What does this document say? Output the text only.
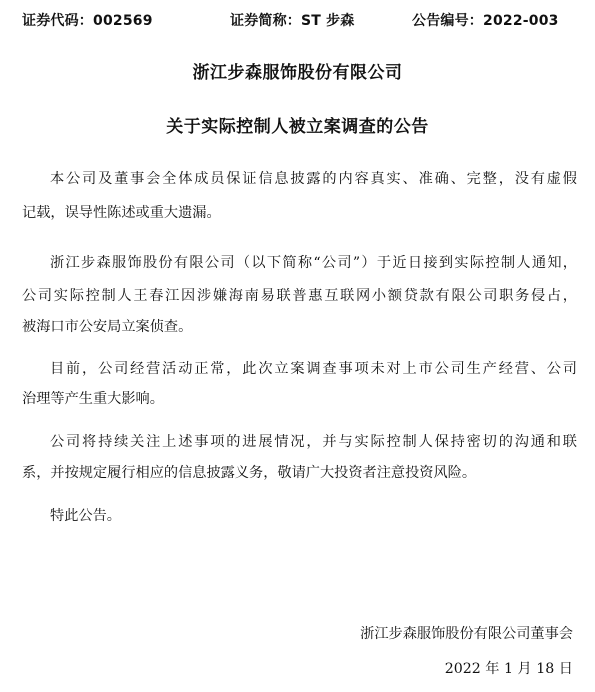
证券代码：002569	证券简称：ST 步森	公告编号：2022-003
浙江步森服饰股份有限公司
关于实际控制人被立案调查的公告
本公司及董事会全体成员保证信息披露的内容真实、准确、完整，没有虚假
记载，误导性陈述或重大遗漏。
浙江步森服饰股份有限公司（以下简称“公司”）于近日接到实际控制人通知，
公司实际控制人王春江因涉嫌海南易联普惠互联网小额贷款有限公司职务侵占，
被海口市公安局立案侦查。
目前，公司经营活动正常，此次立案调查事项未对上市公司生产经营、公司
治理等产生重大影响。
公司将持续关注上述事项的进展情况，并与实际控制人保持密切的沟通和联
系，并按规定履行相应的信息披露义务，敬请广大投资者注意投资风险。
特此公告。
浙江步森服饰股份有限公司董事会
2022 年 1 月 18 日
